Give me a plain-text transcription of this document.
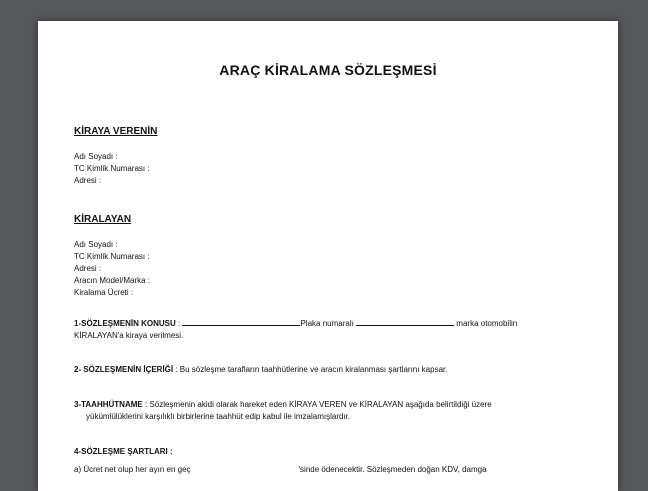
ARAÇ KİRALAMA SÖZLEŞMESİ
KİRAYA VERENİN
Adı Soyadı :
TC Kimlik Numarası :
Adresi :
KİRALAYAN
Adı Soyadı :
TC Kimlik Numarası :
Adresi :
Aracın Model/Marka :
Kiralama Ücreti :
1-SÖZLEŞMENİN KONUSU :	Plaka numaralı	marka otomobilin
KİRALAYAN'a kiraya verilmesi.
2- SÖZLEŞMENİN İÇERİĞİ : Bu sözleşme tarafların taahhütlerine ve aracın kiralanması şartlarını kapsar.
3-TAAHHÜTNAME : Sözleşmenin akidi olarak hareket eden KİRAYA VEREN ve KİRALAYAN aşağıda belirtildiği üzere
yükümlülüklerini karşılıklı birbirlerine taahhüt edip kabul ile imzalamışlardır.
4-SÖZLEŞME ŞARTLARI :
a) Ücret net olup her ayın en geç	'sinde ödenecektir. Sözleşmeden doğan KDV, damga
